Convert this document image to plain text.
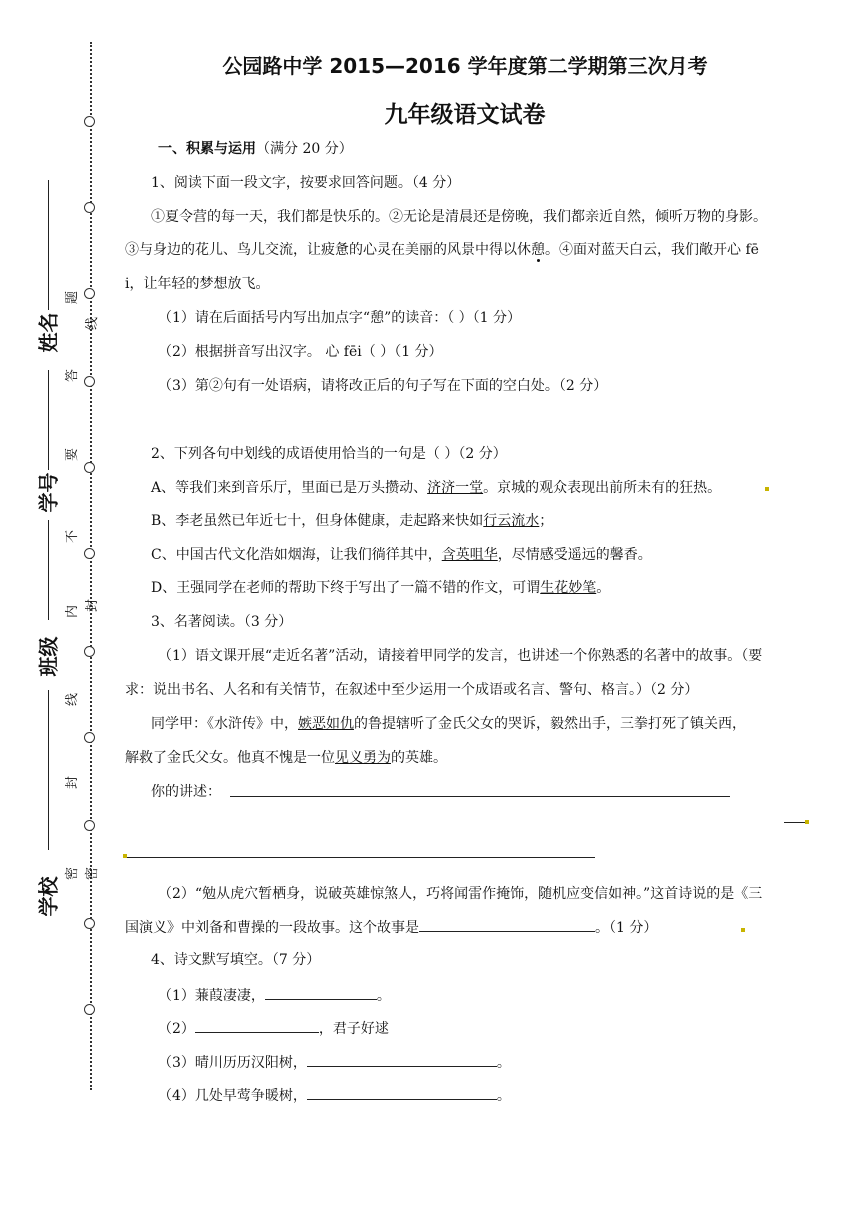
姓名
学号
班级
学校
题
答
要
不
内
线
封
线
封
密 密
公园路中学 2015—2016 学年度第二学期第三次月考
九年级语文试卷
一、积累与运用（满分 20 分）
1、阅读下面一段文字，按要求回答问题。（4 分）
①夏令营的每一天，我们都是快乐的。②无论是清晨还是傍晚，我们都亲近自然，倾听万物的身影。
③与身边的花儿、鸟儿交流，让疲惫的心灵在美丽的风景中得以休憩。④面对蓝天白云，我们敞开心 fē
i，让年轻的梦想放飞。
（1）请在后面括号内写出加点字“憩”的读音：（ ）（1 分）
（2）根据拼音写出汉字。 心 fēi（ ）（1 分）
（3）第②句有一处语病，请将改正后的句子写在下面的空白处。（2 分）
2、下列各句中划线的成语使用恰当的一句是（ ）（2 分）
A、等我们来到音乐厅，里面已是万头攒动、济济一堂。京城的观众表现出前所未有的狂热。
B、李老虽然已年近七十，但身体健康，走起路来快如行云流水；
C、中国古代文化浩如烟海，让我们徜徉其中，含英咀华，尽情感受遥远的馨香。
D、王强同学在老师的帮助下终于写出了一篇不错的作文，可谓生花妙笔。
3、名著阅读。（3 分）
（1）语文课开展“走近名著”活动，请接着甲同学的发言，也讲述一个你熟悉的名著中的故事。（要
求：说出书名、人名和有关情节，在叙述中至少运用一个成语或名言、警句、格言。）（2 分）
同学甲：《水浒传》中，嫉恶如仇的鲁提辖听了金氏父女的哭诉，毅然出手，三拳打死了镇关西，
解救了金氏父女。他真不愧是一位见义勇为的英雄。
你的讲述：
（2）“勉从虎穴暂栖身，说破英雄惊煞人，巧将闻雷作掩饰，随机应变信如神。”这首诗说的是《三
国演义》中刘备和曹操的一段故事。这个故事是	。（1 分）
4、诗文默写填空。（7 分）
（1）蒹葭凄凄，	。
（2）	，君子好逑
（3）晴川历历汉阳树，	。
（4）几处早莺争暖树，	。
